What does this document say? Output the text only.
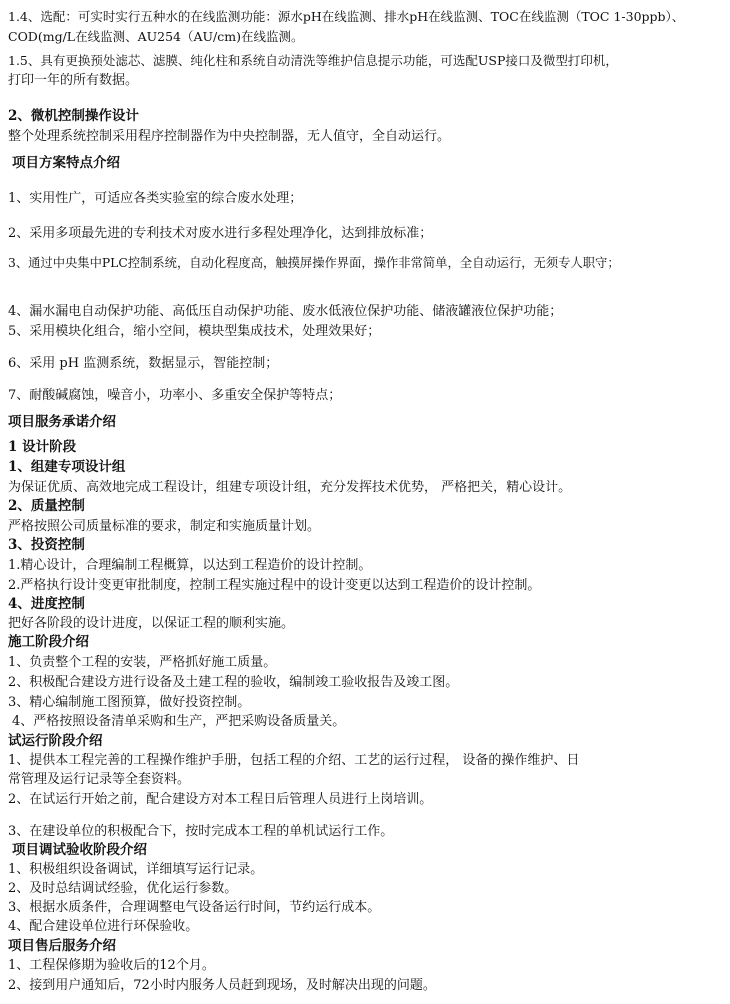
1.4、选配：可实时实行五种水的在线监测功能：源水pH在线监测、排水pH在线监测、TOC在线监测（TOC 1-30ppb）、
COD(mg/L在线监测、AU254（AU/cm)在线监测。
1.5、具有更换预处滤芯、滤膜、纯化柱和系统自动清洗等维护信息提示功能，可选配USP接口及微型打印机，
打印一年的所有数据。
2、微机控制操作设计
整个处理系统控制采用程序控制器作为中央控制器，无人值守，全自动运行。
项目方案特点介绍
1、实用性广，可适应各类实验室的综合废水处理；
2、采用多项最先进的专利技术对废水进行多程处理净化，达到排放标准；
3、通过中央集中PLC控制系统，自动化程度高，触摸屏操作界面，操作非常简单，全自动运行，无须专人职守；
4、漏水漏电自动保护功能、高低压自动保护功能、废水低液位保护功能、储液罐液位保护功能；
5、采用模块化组合，缩小空间，模块型集成技术，处理效果好；
6、采用 pH 监测系统，数据显示，智能控制；
7、耐酸碱腐蚀，噪音小，功率小、多重安全保护等特点；
项目服务承诺介绍
1 设计阶段
1、组建专项设计组
为保证优质、高效地完成工程设计，组建专项设计组，充分发挥技术优势， 严格把关，精心设计。
2、质量控制
严格按照公司质量标准的要求，制定和实施质量计划。
3、投资控制
1.精心设计，合理编制工程概算，以达到工程造价的设计控制。
2.严格执行设计变更审批制度，控制工程实施过程中的设计变更以达到工程造价的设计控制。
4、进度控制
把好各阶段的设计进度，以保证工程的顺利实施。
施工阶段介绍
1、负责整个工程的安装，严格抓好施工质量。
2、积极配合建设方进行设备及土建工程的验收，编制竣工验收报告及竣工图。
3、精心编制施工图预算，做好投资控制。
4、严格按照设备清单采购和生产，严把采购设备质量关。
试运行阶段介绍
1、提供本工程完善的工程操作维护手册，包括工程的介绍、工艺的运行过程， 设备的操作维护、日
常管理及运行记录等全套资料。
2、在试运行开始之前，配合建设方对本工程日后管理人员进行上岗培训。
3、在建设单位的积极配合下，按时完成本工程的单机试运行工作。
项目调试验收阶段介绍
1、积极组织设备调试，详细填写运行记录。
2、及时总结调试经验，优化运行参数。
3、根据水质条件，合理调整电气设备运行时间，节约运行成本。
4、配合建设单位进行环保验收。
项目售后服务介绍
1、工程保修期为验收后的12个月。
2、接到用户通知后，72小时内服务人员赶到现场，及时解决出现的问题。
